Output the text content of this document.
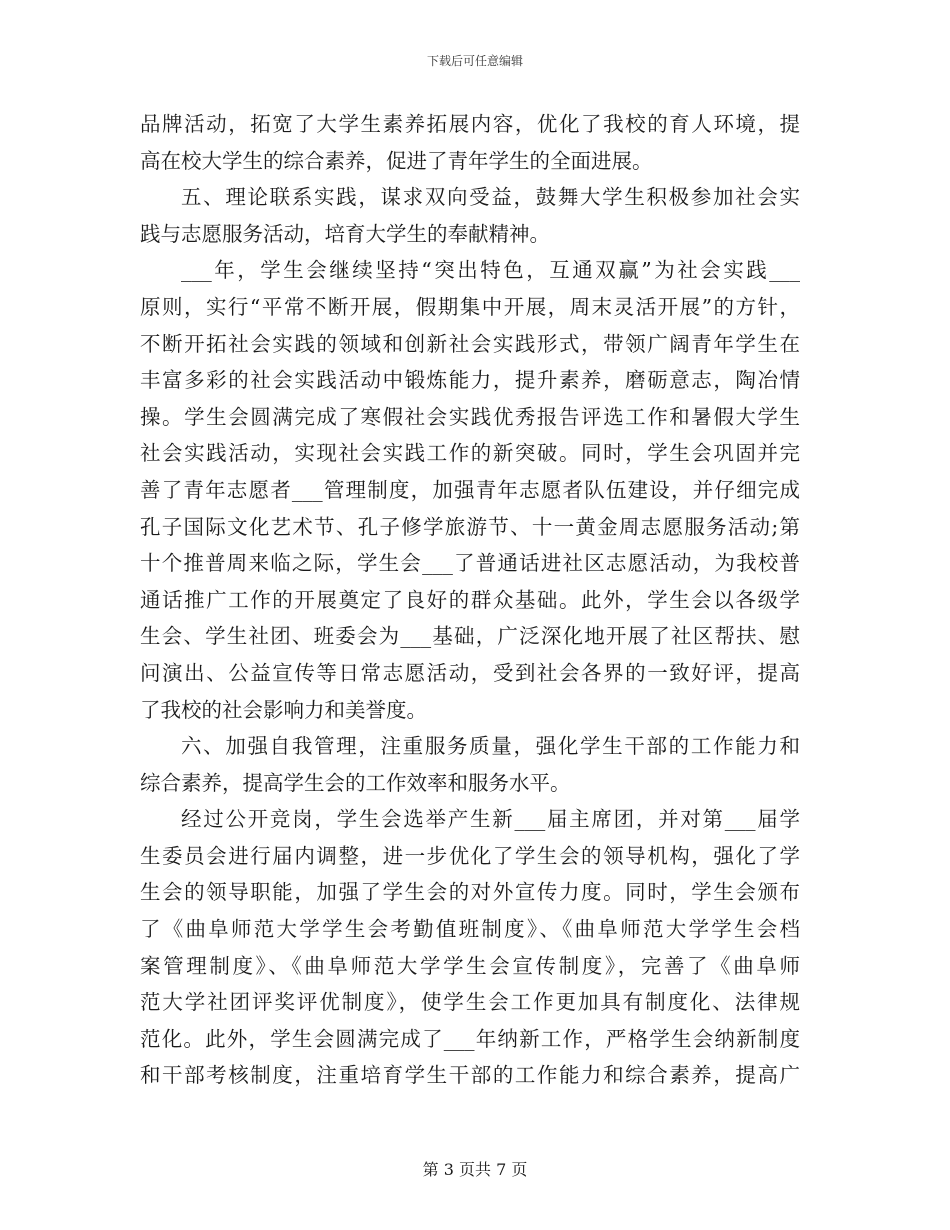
下载后可任意编辑

品牌活动，拓宽了大学生素养拓展内容，优化了我校的育人环境，提
高在校大学生的综合素养，促进了青年学生的全面进展。

五、理论联系实践，谋求双向受益，鼓舞大学生积极参加社会实
践与志愿服务活动，培育大学生的奉献精神。

___年，学生会继续坚持“突出特色，互通双赢”为社会实践___
原则，实行“平常不断开展，假期集中开展，周末灵活开展”的方针，
不断开拓社会实践的领域和创新社会实践形式，带领广阔青年学生在
丰富多彩的社会实践活动中锻炼能力，提升素养，磨砺意志，陶冶情
操。学生会圆满完成了寒假社会实践优秀报告评选工作和暑假大学生
社会实践活动，实现社会实践工作的新突破。同时，学生会巩固并完
善了青年志愿者___管理制度，加强青年志愿者队伍建设，并仔细完成
孔子国际文化艺术节、孔子修学旅游节、十一黄金周志愿服务活动;第
十个推普周来临之际，学生会___了普通话进社区志愿活动，为我校普
通话推广工作的开展奠定了良好的群众基础。此外，学生会以各级学
生会、学生社团、班委会为___基础，广泛深化地开展了社区帮扶、慰
问演出、公益宣传等日常志愿活动，受到社会各界的一致好评，提高
了我校的社会影响力和美誉度。

六、加强自我管理，注重服务质量，强化学生干部的工作能力和
综合素养，提高学生会的工作效率和服务水平。

经过公开竞岗，学生会选举产生新___届主席团，并对第___届学
生委员会进行届内调整，进一步优化了学生会的领导机构，强化了学
生会的领导职能，加强了学生会的对外宣传力度。同时，学生会颁布
了《曲阜师范大学学生会考勤值班制度》、《曲阜师范大学学生会档
案管理制度》、《曲阜师范大学学生会宣传制度》，完善了《曲阜师
范大学社团评奖评优制度》，使学生会工作更加具有制度化、法律规
范化。此外，学生会圆满完成了___年纳新工作，严格学生会纳新制度
和干部考核制度，注重培育学生干部的工作能力和综合素养，提高广

第 3 页共 7 页
